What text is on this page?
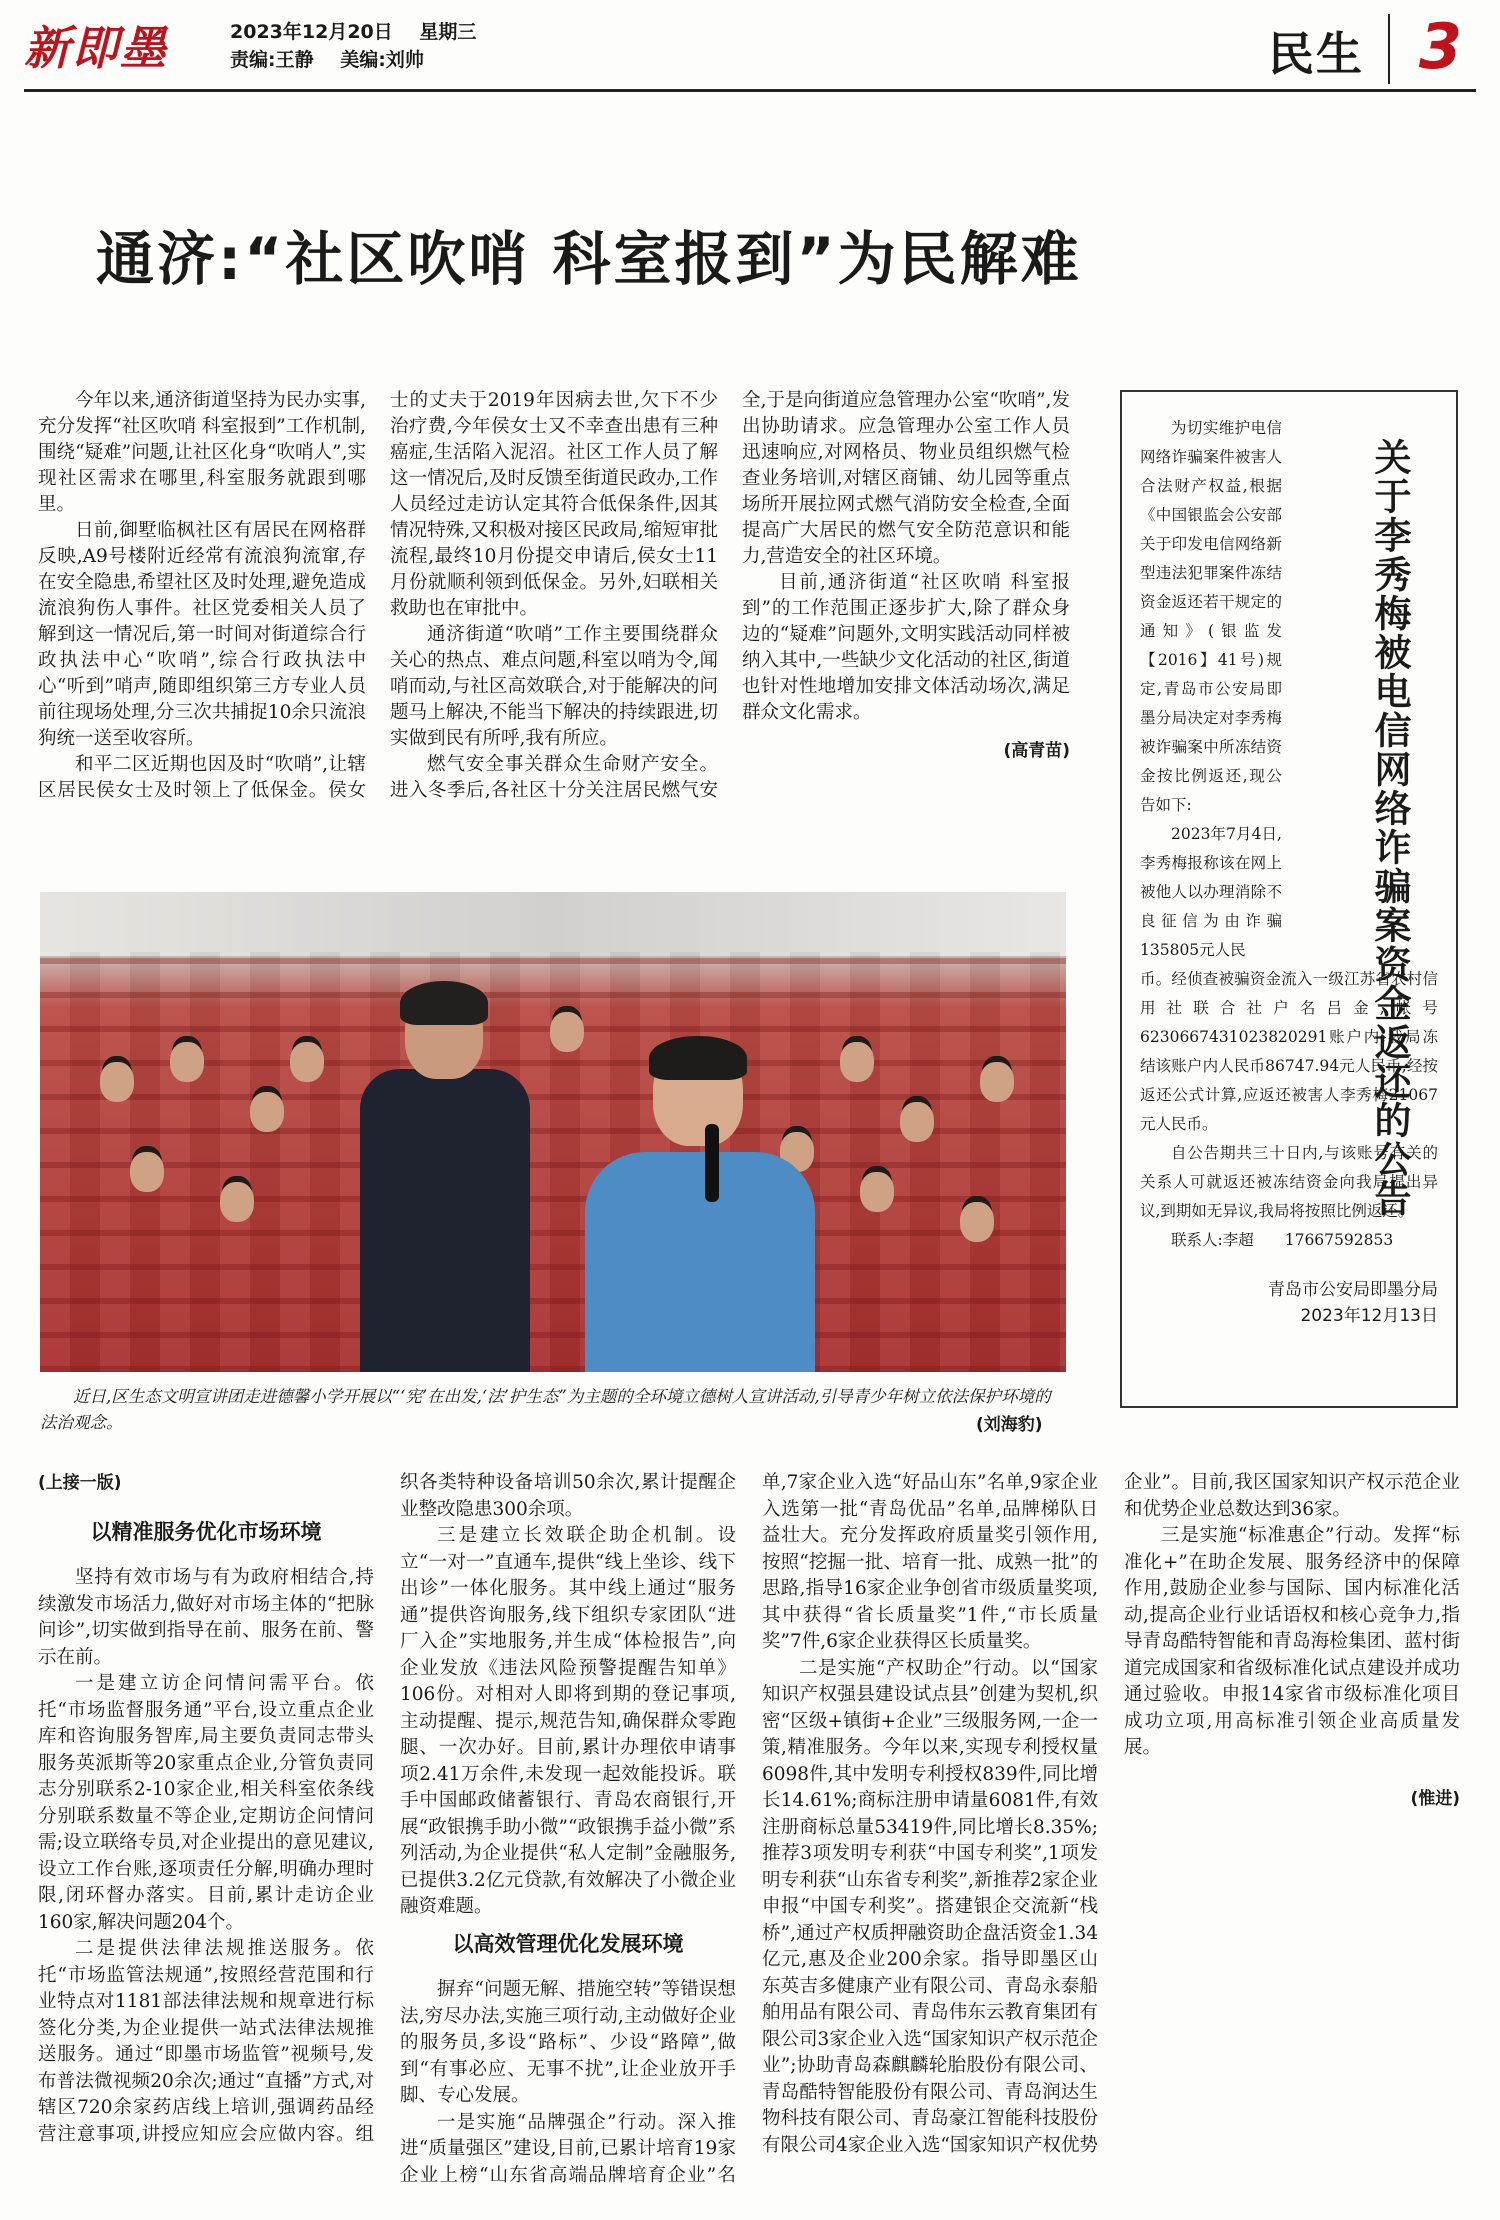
新即墨	2023年12月20日 星期三
责编:王静 美编:刘帅	民生 3
通济:“社区吹哨 科室报到”为民解难

今年以来,通济街道坚持为民办实事,充分发挥“社区吹哨 科室报到”工作机制,围绕“疑难”问题,让社区化身“吹哨人”,实现社区需求在哪里,科室服务就跟到哪里。

日前,御墅临枫社区有居民在网格群反映,A9号楼附近经常有流浪狗流窜,存在安全隐患,希望社区及时处理,避免造成流浪狗伤人事件。社区党委相关人员了解到这一情况后,第一时间对街道综合行政执法中心“吹哨”,综合行政执法中心“听到”哨声,随即组织第三方专业人员前往现场处理,分三次共捕捉10余只流浪狗统一送至收容所。

和平二区近期也因及时“吹哨”,让辖区居民侯女士及时领上了低保金。侯女士的丈夫于2019年因病去世,欠下不少治疗费,今年侯女士又不幸查出患有三种癌症,生活陷入泥沼。社区工作人员了解这一情况后,及时反馈至街道民政办,工作人员经过走访认定其符合低保条件,因其情况特殊,又积极对接区民政局,缩短审批流程,最终10月份提交申请后,侯女士11月份就顺利领到低保金。另外,妇联相关救助也在审批中。

通济街道“吹哨”工作主要围绕群众关心的热点、难点问题,科室以哨为令,闻哨而动,与社区高效联合,对于能解决的问题马上解决,不能当下解决的持续跟进,切实做到民有所呼,我有所应。

燃气安全事关群众生命财产安全。进入冬季后,各社区十分关注居民燃气安全,于是向街道应急管理办公室“吹哨”,发出协助请求。应急管理办公室工作人员迅速响应,对网格员、物业员组织燃气检查业务培训,对辖区商铺、幼儿园等重点场所开展拉网式燃气消防安全检查,全面提高广大居民的燃气安全防范意识和能力,营造安全的社区环境。

目前,通济街道“社区吹哨 科室报到”的工作范围正逐步扩大,除了群众身边的“疑难”问题外,文明实践活动同样被纳入其中,一些缺少文化活动的社区,街道也针对性地增加安排文体活动场次,满足群众文化需求。

(高青苗)	关于李秀梅被电信网络诈骗案资金返还的公告

为切实维护电信网络诈骗案件被害人合法财产权益,根据《中国银监会公安部关于印发电信网络新型违法犯罪案件冻结资金返还若干规定的通知》(银监发【2016】41号)规定,青岛市公安局即墨分局决定对李秀梅被诈骗案中所冻结资金按比例返还,现公告如下:

2023年7月4日,李秀梅报称该在网上被他人以办理消除不良征信为由诈骗135805元人民

币。经侦查被骗资金流入一级江苏省农村信用社联合社户名吕金,帐号6230667431023820291账户内,我局冻结该账户内人民币86747.94元人民币,经按返还公式计算,应返还被害人李秀梅21067元人民币。

自公告期共三十日内,与该账号有关的关系人可就返还被冻结资金向我局提出异议,到期如无异议,我局将按照比例返还。

联系人:李超　　17667592853
青岛市公安局即墨分局
2023年12月13日
近日,区生态文明宣讲团走进德馨小学开展以“‘宪’在出发,‘法’护生态”为主题的全环境立德树人宣讲活动,引导青少年树立依法保护环境的法治观念。	(刘海豹)

(上接一版)

以精准服务优化市场环境

坚持有效市场与有为政府相结合,持续激发市场活力,做好对市场主体的“把脉问诊”,切实做到指导在前、服务在前、警示在前。

一是建立访企问情问需平台。依托“市场监督服务通”平台,设立重点企业库和咨询服务智库,局主要负责同志带头服务英派斯等20家重点企业,分管负责同志分别联系2-10家企业,相关科室依条线分别联系数量不等企业,定期访企问情问需;设立联络专员,对企业提出的意见建议,设立工作台账,逐项责任分解,明确办理时限,闭环督办落实。目前,累计走访企业160家,解决问题204个。

二是提供法律法规推送服务。依托“市场监管法规通”,按照经营范围和行业特点对1181部法律法规和规章进行标签化分类,为企业提供一站式法律法规推送服务。通过“即墨市场监管”视频号,发布普法微视频20余次;通过“直播”方式,对辖区720余家药店线上培训,强调药品经营注意事项,讲授应知应会应做内容。组织各类特种设备培训50余次,累计提醒企业整改隐患300余项。

三是建立长效联企助企机制。设立“一对一”直通车,提供“线上坐诊、线下出诊”一体化服务。其中线上通过“服务通”提供咨询服务,线下组织专家团队“进厂入企”实地服务,并生成“体检报告”,向企业发放《违法风险预警提醒告知单》106份。对相对人即将到期的登记事项,主动提醒、提示,规范告知,确保群众零跑腿、一次办好。目前,累计办理依申请事项2.41万余件,未发现一起效能投诉。联手中国邮政储蓄银行、青岛农商银行,开展“政银携手助小微”“政银携手益小微”系列活动,为企业提供“私人定制”金融服务,已提供3.2亿元贷款,有效解决了小微企业融资难题。

以高效管理优化发展环境

摒弃“问题无解、措施空转”等错误想法,穷尽办法,实施三项行动,主动做好企业的服务员,多设“路标”、少设“路障”,做到“有事必应、无事不扰”,让企业放开手脚、专心发展。

一是实施“品牌强企”行动。深入推进“质量强区”建设,目前,已累计培育19家企业上榜“山东省高端品牌培育企业”名单,7家企业入选“好品山东”名单,9家企业入选第一批“青岛优品”名单,品牌梯队日益壮大。充分发挥政府质量奖引领作用,按照“挖掘一批、培育一批、成熟一批”的思路,指导16家企业争创省市级质量奖项,其中获得“省长质量奖”1件,“市长质量奖”7件,6家企业获得区长质量奖。

二是实施“产权助企”行动。以“国家知识产权强县建设试点县”创建为契机,织密“区级+镇街+企业”三级服务网,一企一策,精准服务。今年以来,实现专利授权量6098件,其中发明专利授权839件,同比增长14.61%;商标注册申请量6081件,有效注册商标总量53419件,同比增长8.35%;推荐3项发明专利获“中国专利奖”,1项发明专利获“山东省专利奖”,新推荐2家企业申报“中国专利奖”。搭建银企交流新“栈桥”,通过产权质押融资助企盘活资金1.34亿元,惠及企业200余家。指导即墨区山东英吉多健康产业有限公司、青岛永泰船舶用品有限公司、青岛伟东云教育集团有限公司3家企业入选“国家知识产权示范企业”;协助青岛森麒麟轮胎股份有限公司、青岛酷特智能股份有限公司、青岛润达生物科技有限公司、青岛豪江智能科技股份有限公司4家企业入选“国家知识产权优势企业”。目前,我区国家知识产权示范企业和优势企业总数达到36家。

三是实施“标准惠企”行动。发挥“标准化+”在助企发展、服务经济中的保障作用,鼓励企业参与国际、国内标准化活动,提高企业行业话语权和核心竞争力,指导青岛酷特智能和青岛海检集团、蓝村街道完成国家和省级标准化试点建设并成功通过验收。申报14家省市级标准化项目成功立项,用高标准引领企业高质量发展。

(惟进)
